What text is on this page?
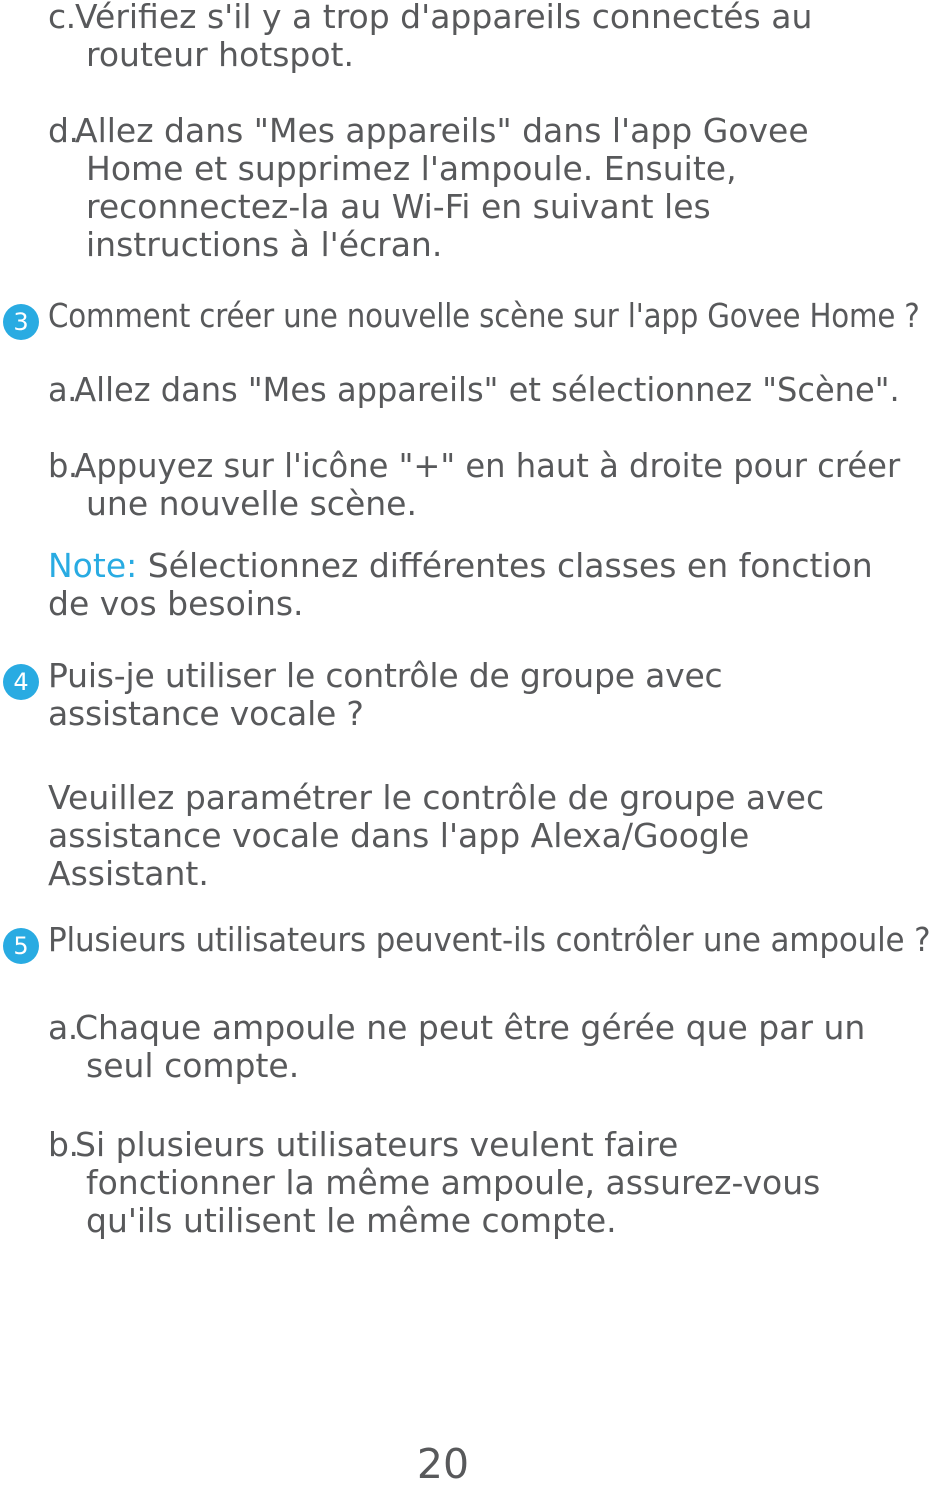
c.Vérifiez s'il y a trop d'appareils connectés au
routeur hotspot.
d.Allez dans "Mes appareils" dans l'app Govee
Home et supprimez l'ampoule. Ensuite,
reconnectez-la au Wi-Fi en suivant les
instructions à l'écran.
3 Comment créer une nouvelle scène sur l'app Govee Home ?
a.Allez dans "Mes appareils" et sélectionnez "Scène".
b.Appuyez sur l'icône "+" en haut à droite pour créer
une nouvelle scène.
Note: Sélectionnez différentes classes en fonction
de vos besoins.
4 Puis-je utiliser le contrôle de groupe avec
assistance vocale ?
Veuillez paramétrer le contrôle de groupe avec
assistance vocale dans l'app Alexa/Google
Assistant.
5 Plusieurs utilisateurs peuvent-ils contrôler une ampoule ?
a.Chaque ampoule ne peut être gérée que par un
seul compte.
b.Si plusieurs utilisateurs veulent faire
fonctionner la même ampoule, assurez-vous
qu'ils utilisent le même compte.
20
